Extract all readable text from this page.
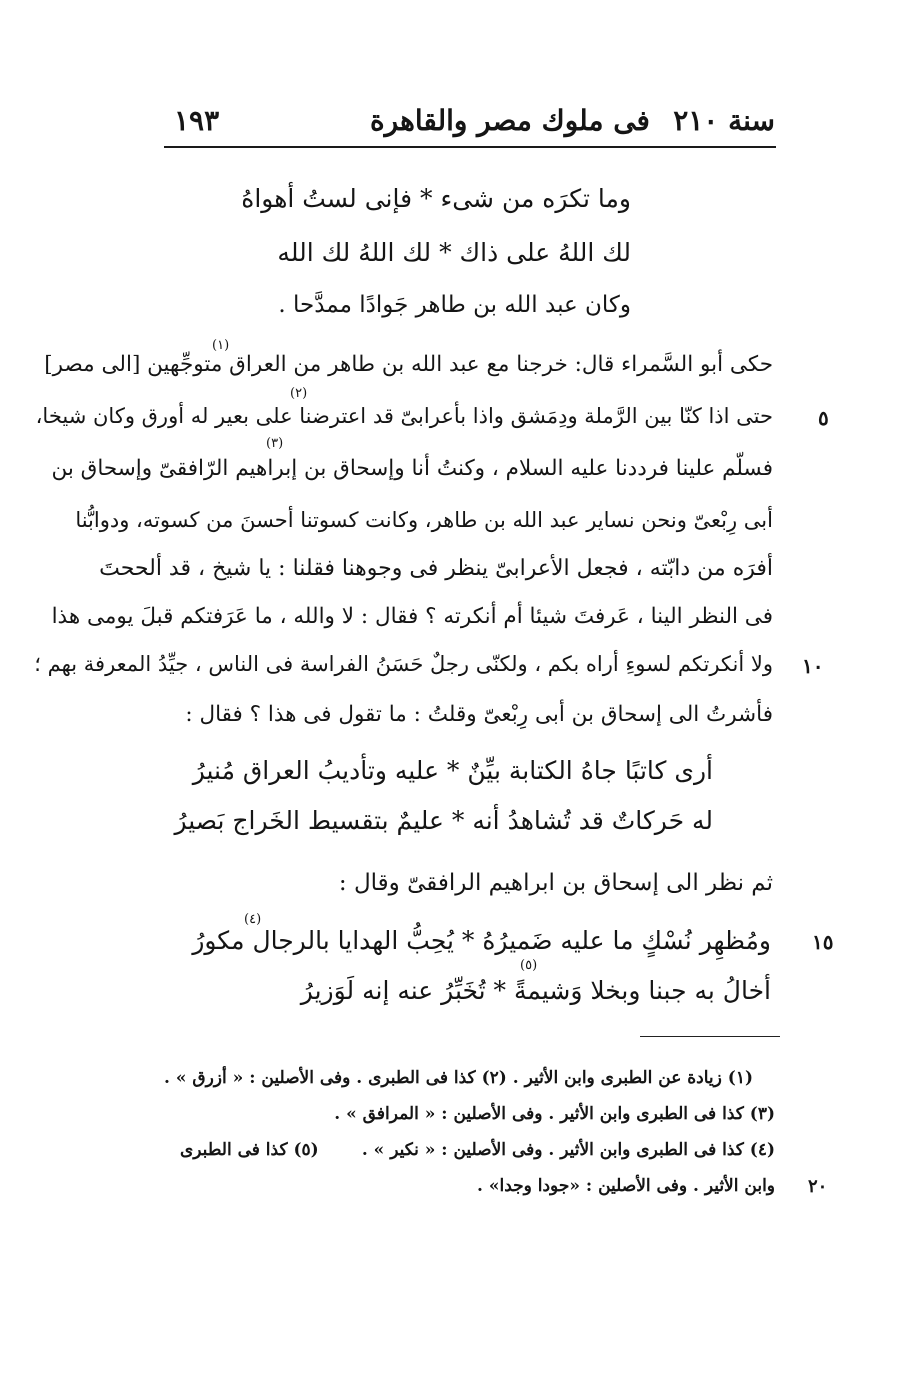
سنة ٢١٠
فى ملوك مصر والقاهرة
١٩٣
وما تكرَه من شىء * فإنى لستُ أهواهُ
لك اللهُ على ذاك * لك اللهُ لك الله
وكان عبد الله بن طاهر جَوادًا ممدَّحا .
(١)
حكى أبو السَّمراء قال: خرجنا مع عبد الله بن طاهر من العراق متوجِّهين [الى مصر]
(٢)
٥
حتى اذا كنّا بين الرَّملة ودِمَشق واذا بأعرابىّ قد اعترضنا على بعير له أورق وكان شيخا،
(٣)
فسلّم علينا فرددنا عليه السلام ، وكنتُ أنا وإسحاق بن إبراهيم الرّافقىّ وإسحاق بن
أبى رِبْعىّ ونحن نساير عبد الله بن طاهر، وكانت كسوتنا أحسنَ من كسوته، ودوابُّنا
أفرَه من دابّته ، فجعل الأعرابىّ ينظر فى وجوهنا فقلنا : يا شيخ ، قد ألححتَ
فى النظر الينا ، عَرفتَ شيئا أم أنكرته ؟ فقال : لا والله ، ما عَرَفتكم قبلَ يومى هذا
١٠
ولا أنكرتكم لسوءِ أراه بكم ، ولكنّى رجلٌ حَسَنُ الفراسة فى الناس ، جيِّدُ المعرفة بهم ؛
فأشرتُ الى إسحاق بن أبى رِبْعىّ وقلتُ : ما تقول فى هذا ؟ فقال :
أرى كاتبًا جاهُ الكتابة بيِّنٌ * عليه وتأديبُ العراق مُنيرُ
له حَركاتٌ قد تُشاهدُ أنه * عليمٌ بتقسيط الخَراج بَصيرُ
ثم نظر الى إسحاق بن ابراهيم الرافقىّ وقال :
(٤)
١٥
ومُظهِر نُسْكٍ ما عليه ضَميرُهُ * يُحِبُّ الهدايا بالرجال مكورُ
(٥)
أخالُ به جبنا وبخلا وَشيمةً * تُخَبِّرُ عنه إنه لَوَزيرُ
(١) زيادة عن الطبرى وابن الأثير . (٢) كذا فى الطبرى . وفى الأصلين : « أزرق » .
(٣) كذا فى الطبرى وابن الأثير . وفى الأصلين : « المرافق » .
(٤) كذا فى الطبرى وابن الأثير . وفى الأصلين : « نكير » .
(٥) كذا فى الطبرى
٢٠
وابن الأثير . وفى الأصلين : «جودا وجدا» .
